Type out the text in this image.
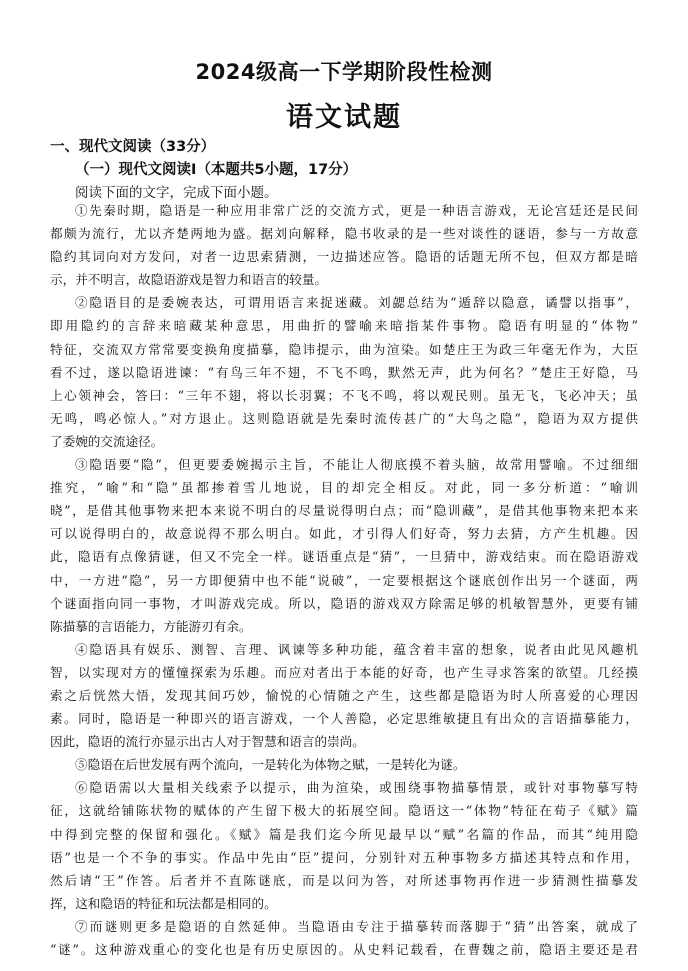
2024级高一下学期阶段性检测
语文试题
一、现代文阅读（33分）
（一）现代文阅读Ⅰ（本题共5小题，17分）
阅读下面的文字，完成下面小题。
①先秦时期，隐语是一种应用非常广泛的交流方式，更是一种语言游戏，无论宫廷还是民间
都颇为流行，尤以齐楚两地为盛。据刘向解释，隐书收录的是一些对谈性的谜语，参与一方故意
隐约其词向对方发问，对者一边思索猜测，一边描述应答。隐语的话题无所不包，但双方都是暗
示，并不明言，故隐语游戏是智力和语言的较量。
②隐语目的是委婉表达，可谓用语言来捉迷藏。刘勰总结为“遁辞以隐意，谲譬以指事”，
即用隐约的言辞来暗藏某种意思，用曲折的譬喻来暗指某件事物。隐语有明显的“体物”
特征，交流双方常常要变换角度描摹，隐讳提示，曲为渲染。如楚庄王为政三年毫无作为，大臣
看不过，遂以隐语进谏：“有鸟三年不翅，不飞不鸣，默然无声，此为何名？”楚庄王好隐，马
上心领神会，答曰：“三年不翅，将以长羽翼；不飞不鸣，将以观民则。虽无飞，飞必冲天；虽
无鸣，鸣必惊人。”对方退止。这则隐语就是先秦时流传甚广的“大鸟之隐”，隐语为双方提供
了委婉的交流途径。
③隐语要“隐”，但更要委婉揭示主旨，不能让人彻底摸不着头脑，故常用譬喻。不过细细
推究，“喻”和“隐”虽都掺着雪儿地说，目的却完全相反。对此，同一多分析道：“喻训
晓”，是借其他事物来把本来说不明白的尽量说得明白点；而“隐训藏”，是借其他事物来把本来
可以说得明白的，故意说得不那么明白。如此，才引得人们好奇，努力去猜，方产生机趣。因
此，隐语有点像猜谜，但又不完全一样。谜语重点是“猜”，一旦猜中，游戏结束。而在隐语游戏
中，一方进“隐”，另一方即便猜中也不能“说破”，一定要根据这个谜底创作出另一个谜面，两
个谜面指向同一事物，才叫游戏完成。所以，隐语的游戏双方除需足够的机敏智慧外，更要有铺
陈描摹的言语能力，方能游刃有余。
④隐语具有娱乐、测智、言理、讽谏等多种功能，蕴含着丰富的想象，说者由此见风趣机
智，以实现对方的懂憧探索为乐趣。而应对者出于本能的好奇，也产生寻求答案的欲望。几经摸
索之后恍然大悟，发现其间巧妙，愉悦的心情随之产生，这些都是隐语为时人所喜爱的心理因
素。同时，隐语是一种即兴的语言游戏，一个人善隐，必定思维敏捷且有出众的言语描摹能力，
因此，隐语的流行亦显示出古人对于智慧和语言的崇尚。
⑤隐语在后世发展有两个流向，一是转化为体物之赋，一是转化为谜。
⑥隐语需以大量相关线索予以提示，曲为渲染，或围绕事物描摹情景，或针对事物摹写特
征，这就给铺陈状物的赋体的产生留下极大的拓展空间。隐语这一“体物”特征在荀子《赋》篇
中得到完整的保留和强化。《赋》篇是我们迄今所见最早以“赋”名篇的作品，而其“纯用隐
语”也是一个不争的事实。作品中先由“臣”提问，分别针对五种事物多方描述其特点和作用，
然后请“王”作答。后者并不直陈谜底，而是以问为答，对所述事物再作进一步猜测性描摹发
挥，这和隐语的特征和玩法都是相同的。
⑦而谜则更多是隐语的自然延伸。当隐语由专注于描摹转而落脚于“猜”出答案，就成了
“谜”。这种游戏重心的变化也是有历史原因的。从史料记载看，在曹魏之前，隐语主要还是君
